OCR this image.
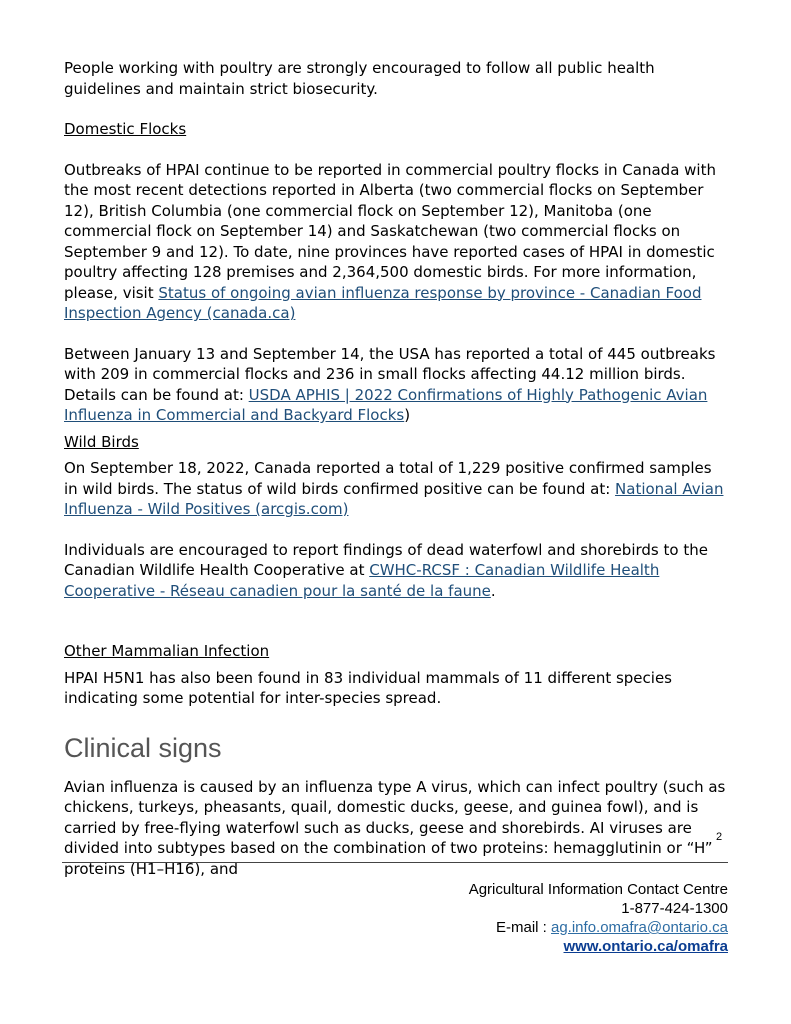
People working with poultry are strongly encouraged to follow all public health guidelines and maintain strict biosecurity.

Domestic Flocks

Outbreaks of HPAI continue to be reported in commercial poultry flocks in Canada with the most recent detections reported in Alberta (two commercial flocks on September 12), British Columbia (one commercial flock on September 12), Manitoba (one commercial flock on September 14) and Saskatchewan (two commercial flocks on September 9 and 12). To date, nine provinces have reported cases of HPAI in domestic poultry affecting 128 premises and 2,364,500 domestic birds. For more information, please, visit Status of ongoing avian influenza response by province - Canadian Food Inspection Agency (canada.ca)

Between January 13 and September 14, the USA has reported a total of 445 outbreaks with 209 in commercial flocks and 236 in small flocks affecting 44.12 million birds. Details can be found at: USDA APHIS | 2022 Confirmations of Highly Pathogenic Avian Influenza in Commercial and Backyard Flocks)

Wild Birds

On September 18, 2022, Canada reported a total of 1,229 positive confirmed samples in wild birds. The status of wild birds confirmed positive can be found at: National Avian Influenza - Wild Positives (arcgis.com)

Individuals are encouraged to report findings of dead waterfowl and shorebirds to the Canadian Wildlife Health Cooperative at CWHC-RCSF : Canadian Wildlife Health Cooperative - Réseau canadien pour la santé de la faune.

Other Mammalian Infection

HPAI H5N1 has also been found in 83 individual mammals of 11 different species indicating some potential for inter-species spread.

Clinical signs

Avian influenza is caused by an influenza type A virus, which can infect poultry (such as chickens, turkeys, pheasants, quail, domestic ducks, geese, and guinea fowl), and is carried by free-flying waterfowl such as ducks, geese and shorebirds. AI viruses are divided into subtypes based on the combination of two proteins: hemagglutinin or “H” proteins (H1–H16), and

2
Agricultural Information Contact Centre
1-877-424-1300
E-mail : ag.info.omafra@ontario.ca
www.ontario.ca/omafra
